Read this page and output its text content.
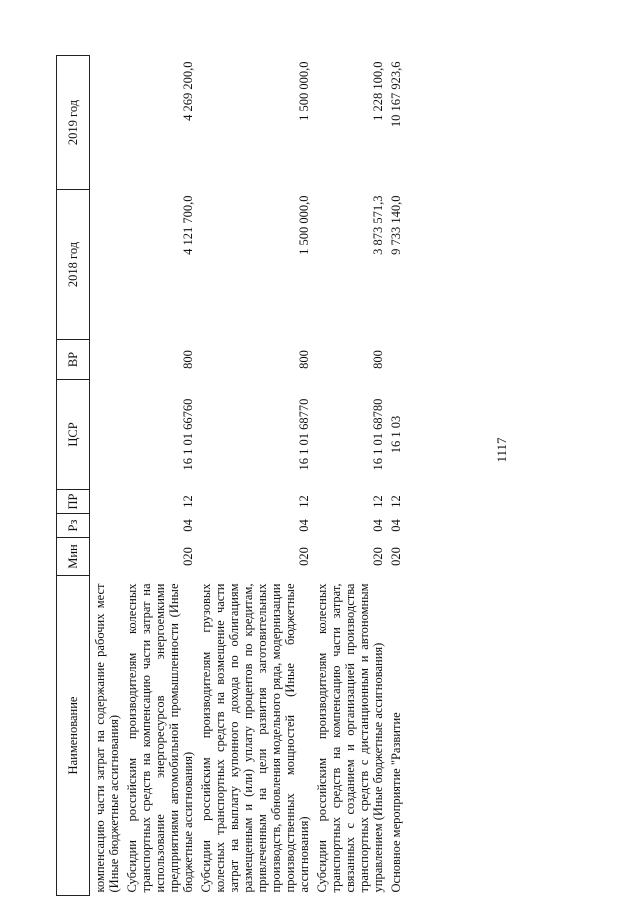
1117
Наименование	Мин	Рз	ПР	ЦСР	ВР	2018 год	2019 год
компенсацию части затрат на содержание рабочих мест (Иные бюджетные ассигнования)							
Субсидии российским производителям колесных транспортных средств на компенсацию части затрат на использование энергоресурсов энергоемкими предприятиями автомобильной промышленности (Иные бюджетные ассигнования)	020	04	12	16 1 01 66760	800	4 121 700,0	4 269 200,0
Субсидии российским производителям грузовых колесных транспортных средств на возмещение части затрат на выплату купонного дохода по облигациям размещенным и (или) уплату процентов по кредитам, привлеченным на цели развития заготовительных производств, обновления модельного ряда, модернизации производственных мощностей (Иные бюджетные ассигнования)	020	04	12	16 1 01 68770	800	1 500 000,0	1 500 000,0
Субсидии российским производителям колесных транспортных средств на компенсацию части затрат, связанных с созданием и организацией производства транспортных средств с дистанционным и автономным управлением (Иные бюджетные ассигнования)	020	04	12	16 1 01 68780	800	3 873 571,3	1 228 100,0
Основное мероприятие "Развитие	020	04	12	16 1 03		9 733 140,0	10 167 923,6
